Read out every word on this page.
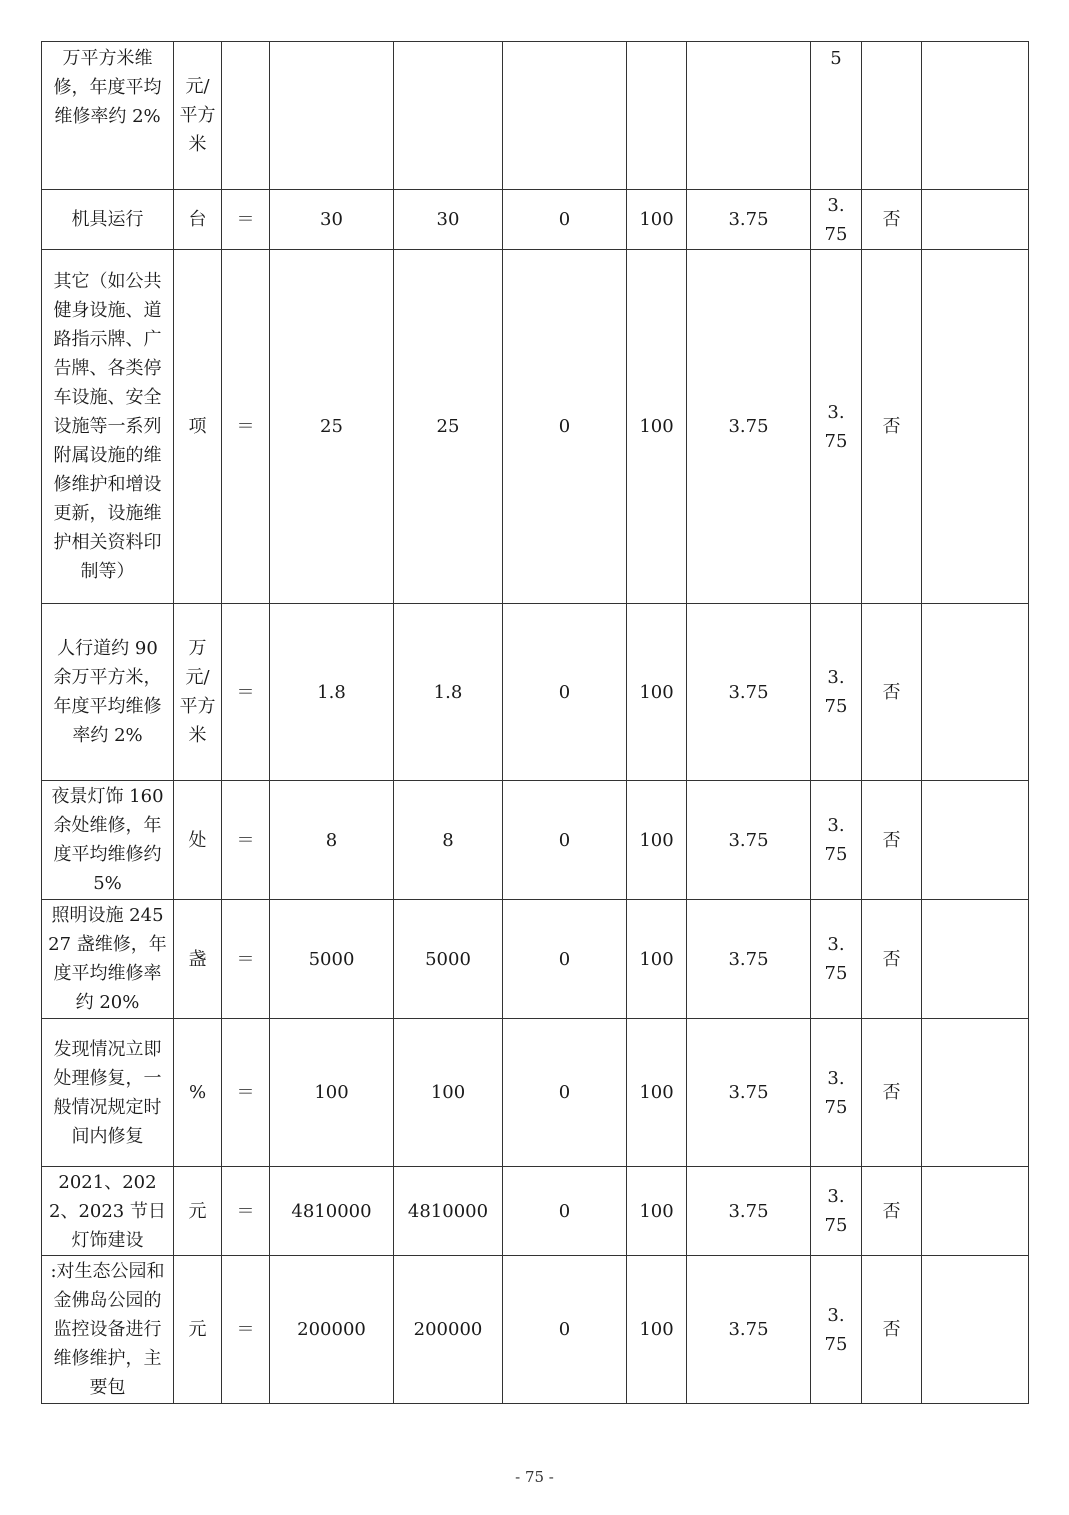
万平方米维修，年度平均维修率约 2%	元/平方米							5		
机具运行	台	＝	30	30	0	100	3.75	3.75	否	
其它（如公共健身设施、道路指示牌、广告牌、各类停车设施、安全设施等一系列附属设施的维修维护和增设更新，设施维护相关资料印制等）	项	＝	25	25	0	100	3.75	3.75	否	
人行道约 90 余万平方米，年度平均维修率约 2%	万元/平方米	＝	1.8	1.8	0	100	3.75	3.75	否	
夜景灯饰 160 余处维修，年度平均维修约 5%	处	＝	8	8	0	100	3.75	3.75	否	
照明设施 24527 盏维修，年度平均维修率约 20%	盏	＝	5000	5000	0	100	3.75	3.75	否	
发现情况立即处理修复，一般情况规定时间内修复	%	＝	100	100	0	100	3.75	3.75	否	
2021、2022、2023 节日灯饰建设	元	＝	4810000	4810000	0	100	3.75	3.75	否	
:对生态公园和金佛岛公园的监控设备进行维修维护，主要包	元	＝	200000	200000	0	100	3.75	3.75	否	
- 75 -
